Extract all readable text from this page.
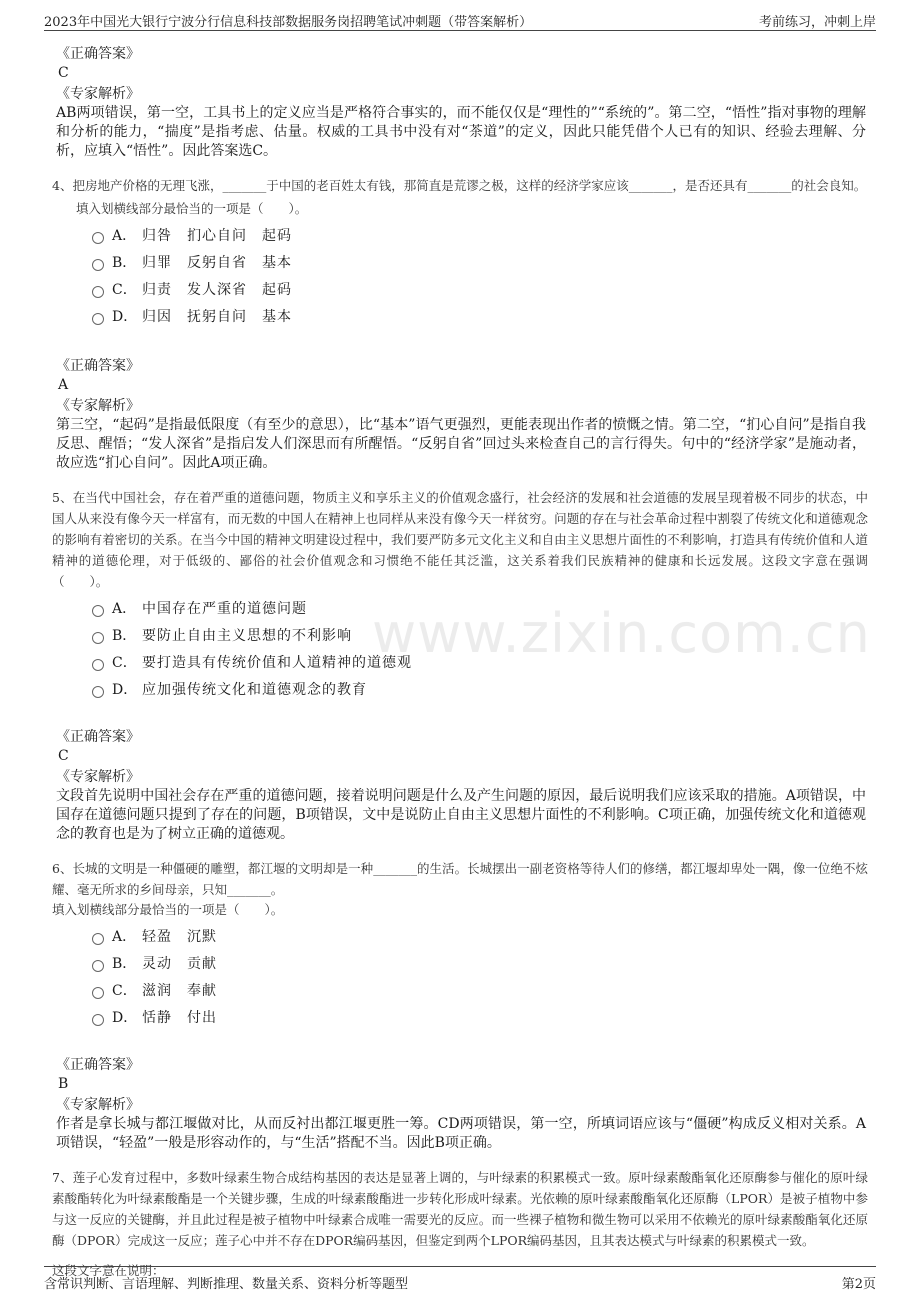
2023年中国光大银行宁波分行信息科技部数据服务岗招聘笔试冲刺题（带答案解析）	考前练习，冲刺上岸
www.zixin.com.cn
《正确答案》
C
《专家解析》
AB两项错误，第一空，工具书上的定义应当是严格符合事实的，而不能仅仅是“理性的”“系统的”。第二空，“悟性”指对事物的理解和分析的能力，“揣度”是指考虑、估量。权威的工具书中没有对“茶道”的定义，因此只能凭借个人已有的知识、经验去理解、分析，应填入“悟性”。因此答案选C。
4、把房地产价格的无理飞涨，_______于中国的老百姓太有钱，那简直是荒谬之极，这样的经济学家应该_______，是否还具有_______的社会良知。
填入划横线部分最恰当的一项是（　　）。
A． 归咎　扪心自问　起码
B． 归罪　反躬自省　基本
C． 归责　发人深省　起码
D． 归因　抚躬自问　基本
《正确答案》
A
《专家解析》
第三空，“起码”是指最低限度（有至少的意思），比“基本”语气更强烈，更能表现出作者的愤慨之情。第二空，“扪心自问”是指自我反思、醒悟；“发人深省”是指启发人们深思而有所醒悟。“反躬自省”回过头来检查自己的言行得失。句中的“经济学家”是施动者，故应选“扪心自问”。因此A项正确。
5、在当代中国社会，存在着严重的道德问题，物质主义和享乐主义的价值观念盛行，社会经济的发展和社会道德的发展呈现着极不同步的状态，中国人从来没有像今天一样富有，而无数的中国人在精神上也同样从来没有像今天一样贫穷。问题的存在与社会革命过程中割裂了传统文化和道德观念的影响有着密切的关系。在当今中国的精神文明建设过程中，我们要严防多元文化主义和自由主义思想片面性的不利影响，打造具有传统价值和人道精神的道德伦理，对于低级的、鄙俗的社会价值观念和习惯绝不能任其泛滥，这关系着我们民族精神的健康和长远发展。这段文字意在强调（　　）。
A． 中国存在严重的道德问题
B． 要防止自由主义思想的不利影响
C． 要打造具有传统价值和人道精神的道德观
D． 应加强传统文化和道德观念的教育
《正确答案》
C
《专家解析》
文段首先说明中国社会存在严重的道德问题，接着说明问题是什么及产生问题的原因，最后说明我们应该采取的措施。A项错误，中国存在道德问题只提到了存在的问题，B项错误，文中是说防止自由主义思想片面性的不利影响。C项正确，加强传统文化和道德观念的教育也是为了树立正确的道德观。
6、长城的文明是一种僵硬的雕塑，都江堰的文明却是一种_______的生活。长城摆出一副老资格等待人们的修缮，都江堰却卑处一隅，像一位绝不炫耀、毫无所求的乡间母亲，只知_______。
填入划横线部分最恰当的一项是（　　）。
A． 轻盈　沉默
B． 灵动　贡献
C． 滋润　奉献
D． 恬静　付出
《正确答案》
B
《专家解析》
作者是拿长城与都江堰做对比，从而反衬出都江堰更胜一筹。CD两项错误，第一空，所填词语应该与“僵硬”构成反义相对关系。A项错误，“轻盈”一般是形容动作的，与“生活”搭配不当。因此B项正确。
7、莲子心发育过程中，多数叶绿素生物合成结构基因的表达是显著上调的，与叶绿素的积累模式一致。原叶绿素酸酯氧化还原酶参与催化的原叶绿素酸酯转化为叶绿素酸酯是一个关键步骤，生成的叶绿素酸酯进一步转化形成叶绿素。光依赖的原叶绿素酸酯氧化还原酶（LPOR）是被子植物中参与这一反应的关键酶，并且此过程是被子植物中叶绿素合成唯一需要光的反应。而一些裸子植物和微生物可以采用不依赖光的原叶绿素酸酯氧化还原酶（DPOR）完成这一反应；莲子心中并不存在DPOR编码基因，但鉴定到两个LPOR编码基因，且其表达模式与叶绿素的积累模式一致。
这段文字意在说明：
含常识判断、言语理解、判断推理、数量关系、资料分析等题型	第2页
